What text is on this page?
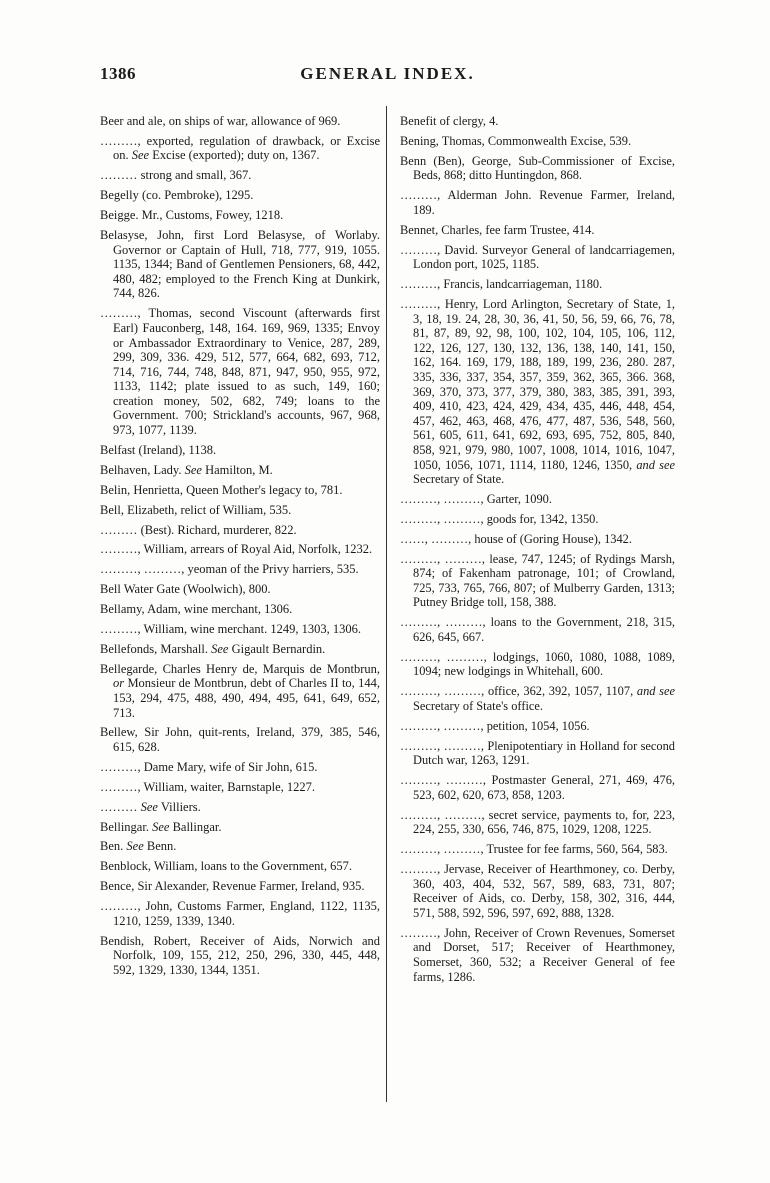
1386	GENERAL INDEX.

Beer and ale, on ships of war, allowance of 969.

………, exported, regulation of drawback, or Excise on. See Excise (exported); duty on, 1367.

……… strong and small, 367.

Begelly (co. Pembroke), 1295.

Beigge. Mr., Customs, Fowey, 1218.

Belasyse, John, first Lord Belasyse, of Worlaby. Governor or Captain of Hull, 718, 777, 919, 1055. 1135, 1344; Band of Gentlemen Pensioners, 68, 442, 480, 482; employed to the French King at Dunkirk, 744, 826.

………, Thomas, second Viscount (afterwards first Earl) Fauconberg, 148, 164. 169, 969, 1335; Envoy or Ambassador Extraordinary to Venice, 287, 289, 299, 309, 336. 429, 512, 577, 664, 682, 693, 712, 714, 716, 744, 748, 848, 871, 947, 950, 955, 972, 1133, 1142; plate issued to as such, 149, 160; creation money, 502, 682, 749; loans to the Government. 700; Strickland's accounts, 967, 968, 973, 1077, 1139.

Belfast (Ireland), 1138.

Belhaven, Lady. See Hamilton, M.

Belin, Henrietta, Queen Mother's legacy to, 781.

Bell, Elizabeth, relict of William, 535.

……… (Best). Richard, murderer, 822.

………, William, arrears of Royal Aid, Norfolk, 1232.

………, ………, yeoman of the Privy harriers, 535.

Bell Water Gate (Woolwich), 800.

Bellamy, Adam, wine merchant, 1306.

………, William, wine merchant. 1249, 1303, 1306.

Bellefonds, Marshall. See Gigault Bernardin.

Bellegarde, Charles Henry de, Marquis de Montbrun, or Monsieur de Montbrun, debt of Charles II to, 144, 153, 294, 475, 488, 490, 494, 495, 641, 649, 652, 713.

Bellew, Sir John, quit-rents, Ireland, 379, 385, 546, 615, 628.

………, Dame Mary, wife of Sir John, 615.

………, William, waiter, Barnstaple, 1227.

……… See Villiers.

Bellingar. See Ballingar.

Ben. See Benn.

Benblock, William, loans to the Government, 657.

Bence, Sir Alexander, Revenue Farmer, Ireland, 935.

………, John, Customs Farmer, England, 1122, 1135, 1210, 1259, 1339, 1340.

Bendish, Robert, Receiver of Aids, Norwich and Norfolk, 109, 155, 212, 250, 296, 330, 445, 448, 592, 1329, 1330, 1344, 1351.

Benefit of clergy, 4.

Bening, Thomas, Commonwealth Excise, 539.

Benn (Ben), George, Sub-Commissioner of Excise, Beds, 868; ditto Huntingdon, 868.

………, Alderman John. Revenue Farmer, Ireland, 189.

Bennet, Charles, fee farm Trustee, 414.

………, David. Surveyor General of landcarriagemen, London port, 1025, 1185.

………, Francis, landcarriageman, 1180.

………, Henry, Lord Arlington, Secretary of State, 1, 3, 18, 19. 24, 28, 30, 36, 41, 50, 56, 59, 66, 76, 78, 81, 87, 89, 92, 98, 100, 102, 104, 105, 106, 112, 122, 126, 127, 130, 132, 136, 138, 140, 141, 150, 162, 164. 169, 179, 188, 189, 199, 236, 280. 287, 335, 336, 337, 354, 357, 359, 362, 365, 366. 368, 369, 370, 373, 377, 379, 380, 383, 385, 391, 393, 409, 410, 423, 424, 429, 434, 435, 446, 448, 454, 457, 462, 463, 468, 476, 477, 487, 536, 548, 560, 561, 605, 611, 641, 692, 693, 695, 752, 805, 840, 858, 921, 979, 980, 1007, 1008, 1014, 1016, 1047, 1050, 1056, 1071, 1114, 1180, 1246, 1350, and see Secretary of State.

………, ………, Garter, 1090.

………, ………, goods for, 1342, 1350.

……, ………, house of (Goring House), 1342.

………, ………, lease, 747, 1245; of Rydings Marsh, 874; of Fakenham patronage, 101; of Crowland, 725, 733, 765, 766, 807; of Mulberry Garden, 1313; Putney Bridge toll, 158, 388.

………, ………, loans to the Government, 218, 315, 626, 645, 667.

………, ………, lodgings, 1060, 1080, 1088, 1089, 1094; new lodgings in Whitehall, 600.

………, ………, office, 362, 392, 1057, 1107, and see Secretary of State's office.

………, ………, petition, 1054, 1056.

………, ………, Plenipotentiary in Holland for second Dutch war, 1263, 1291.

………, ………, Postmaster General, 271, 469, 476, 523, 602, 620, 673, 858, 1203.

………, ………, secret service, payments to, for, 223, 224, 255, 330, 656, 746, 875, 1029, 1208, 1225.

………, ………, Trustee for fee farms, 560, 564, 583.

………, Jervase, Receiver of Hearthmoney, co. Derby, 360, 403, 404, 532, 567, 589, 683, 731, 807; Receiver of Aids, co. Derby, 158, 302, 316, 444, 571, 588, 592, 596, 597, 692, 888, 1328.

………, John, Receiver of Crown Revenues, Somerset and Dorset, 517; Receiver of Hearthmoney, Somerset, 360, 532; a Receiver General of fee farms, 1286.
